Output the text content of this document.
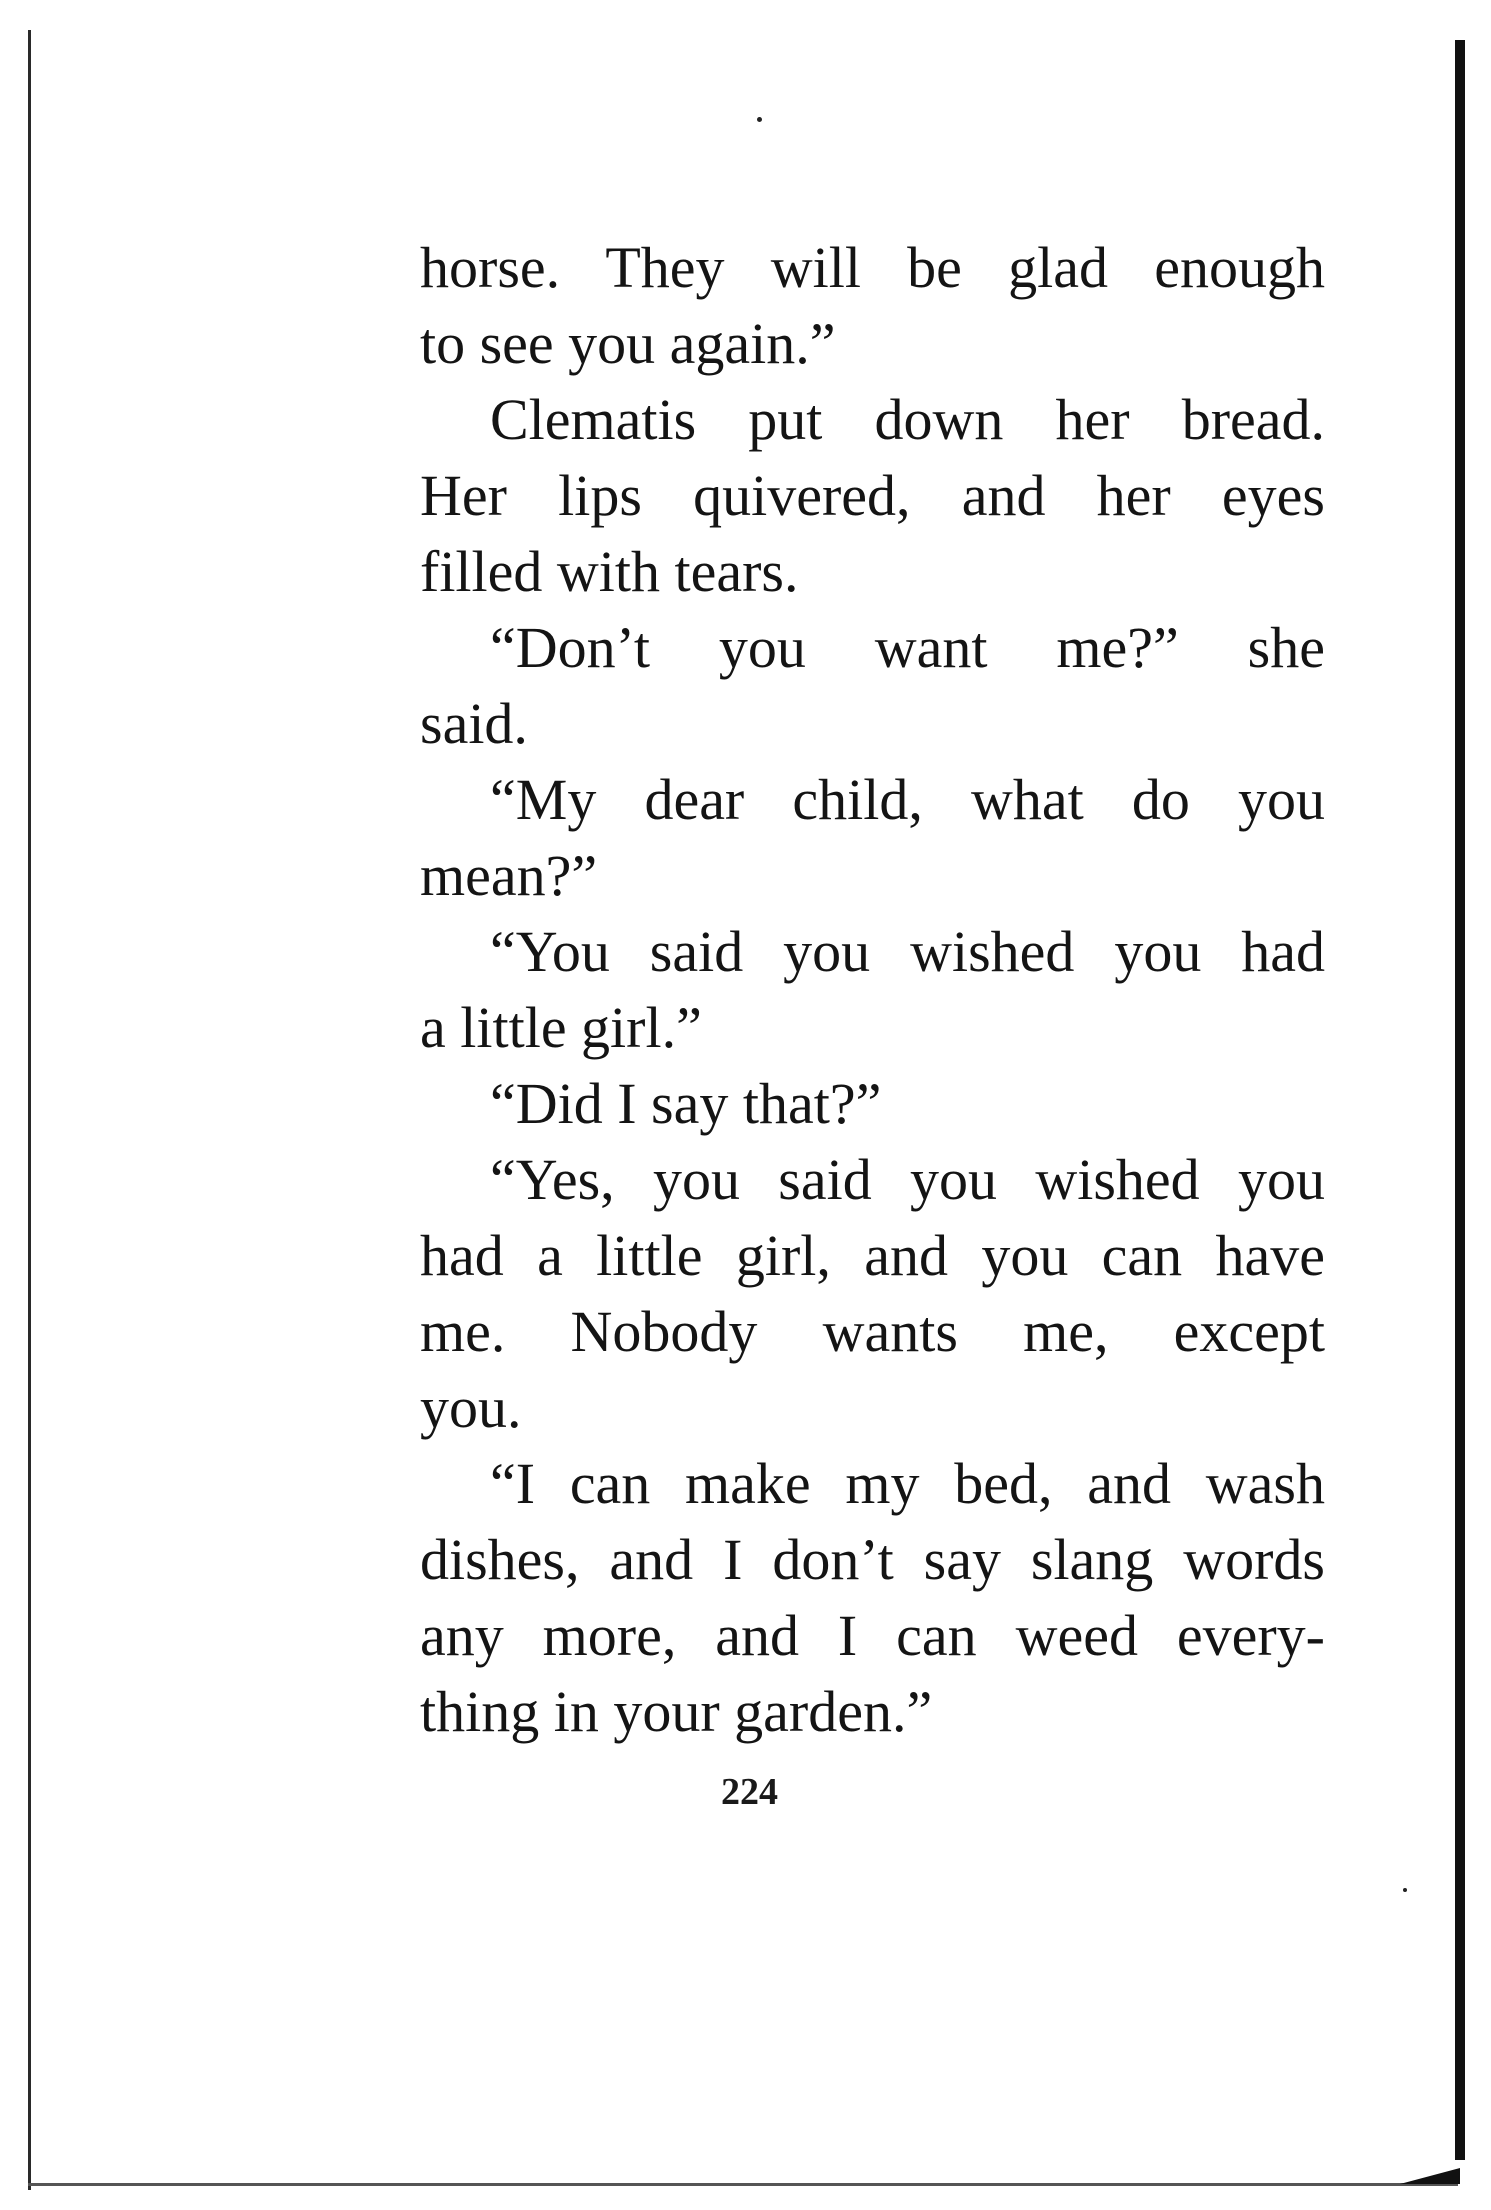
horse. They will be glad enough
to see you again.”
Clematis put down her bread.
Her lips quivered, and her eyes
filled with tears.
“Don’t you want me?” she
said.
“My dear child, what do you
mean?”
“You said you wished you had
a little girl.”
“Did I say that?”
“Yes, you said you wished you
had a little girl, and you can have
me. Nobody wants me, except
you.
“I can make my bed, and wash
dishes, and I don’t say slang words
any more, and I can weed every-
thing in your garden.”
224
